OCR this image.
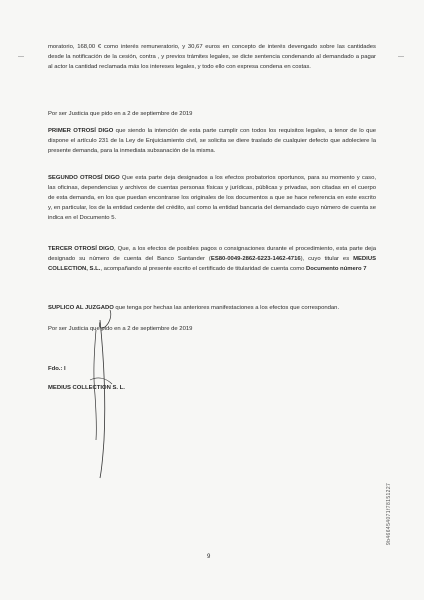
moratorio, 168,00 € como interés remuneratorio, y 30,67 euros en concepto de interés devengado sobre las cantidades desde la notificación de la cesión, contra , y previos trámites legales, se dicte sentencia condenando al demandado a pagar al actor la cantidad reclamada más los intereses legales, y todo ello con expresa condena en costas.
Por ser Justicia que pido en a 2 de septiembre de 2019
PRIMER OTROSÍ DIGO que siendo la intención de esta parte cumplir con todos los requisitos legales, a tenor de lo que dispone el artículo 231 de la Ley de Enjuiciamiento civil, se solicita se diere traslado de cualquier defecto que adoleciere la presente demanda, para la inmediata subsanación de la misma.
SEGUNDO OTROSÍ DIGO Que esta parte deja designados a los efectos probatorios oportunos, para su momento y caso, las oficinas, dependencias y archivos de cuentas personas físicas y jurídicas, públicas y privadas, son citadas en el cuerpo de esta demanda, en los que puedan encontrarse los originales de los documentos a que se hace referencia en este escrito y, en particular, los de la entidad cedente del crédito, así como la entidad bancaria del demandado cuyo número de cuenta se indica en el Documento 5.
TERCER OTROSÍ DIGO, Que, a los efectos de posibles pagos o consignaciones durante el procedimiento, esta parte deja designado su número de cuenta del Banco Santander (ES80-0049-2862-6223-1462-4716), cuyo titular es MEDIUS COLLECTION, S.L., acompañando al presente escrito el certificado de titularidad de cuenta como Documento número 7
SUPLICO AL JUZGADO que tenga por hechas las anteriores manifestaciones a los efectos que correspondan.
Por ser Justicia que pido en a 2 de septiembre de 2019
Fdo.: I
MEDIUS COLLECTION S. L.
9
9b466454071f78151227
